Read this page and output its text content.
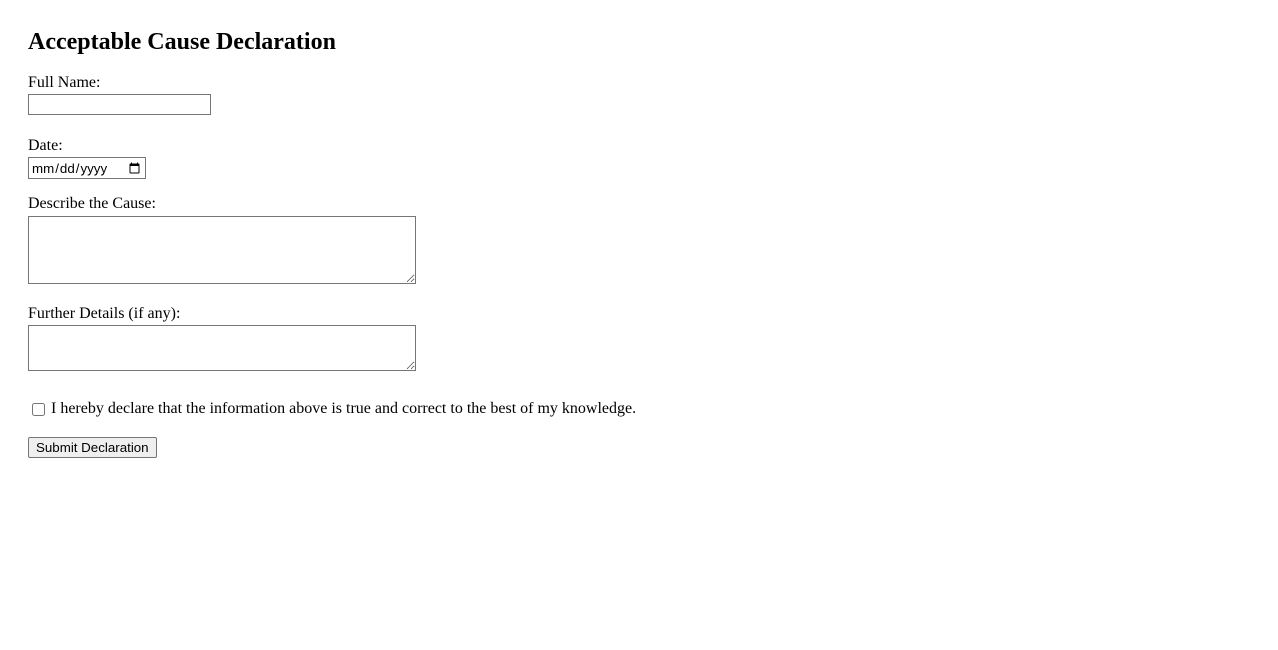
Acceptable Cause Declaration
Full Name:
Date:
mm/dd/yyyy
Describe the Cause:
Further Details (if any):
I hereby declare that the information above is true and correct to the best of my knowledge.
Submit Declaration
